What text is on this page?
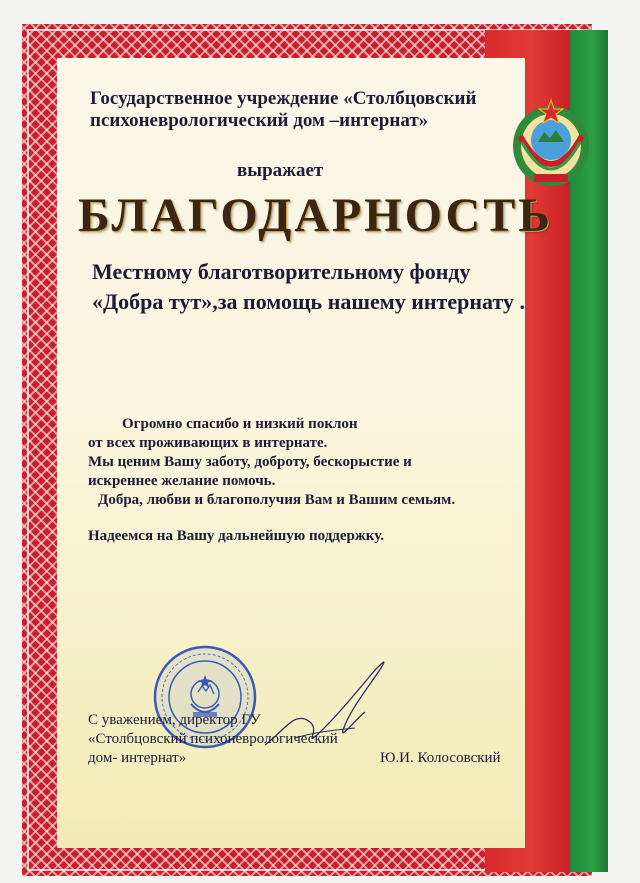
Государственное учреждение «Столбцовский
психоневрологический дом –интернат»
выражает
БЛАГОДАРНОСТЬ
Местному благотворительному фонду
«Добра тут»,за помощь нашему интернату .
Огромно спасибо и низкий поклон
от всех проживающих в интернате.
Мы ценим Вашу заботу, доброту, бескорыстие и
искреннее желание помочь.
Добра, любви и благополучия Вам и Вашим семьям.
Надеемся на Вашу дальнейшую поддержку.
С уважением, директор ГУ
«Столбцовский психоневрологический
дом- интернат»	Ю.И. Колосовский
